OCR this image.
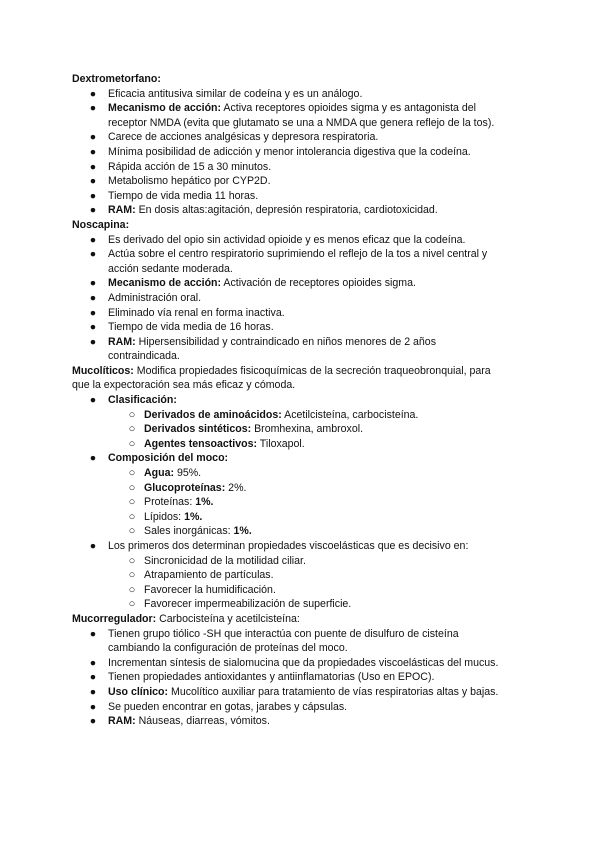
Dextrometorfano:
● Eficacia antitusiva similar de codeína y es un análogo.
● Mecanismo de acción: Activa receptores opioides sigma y es antagonista del
receptor NMDA (evita que glutamato se una a NMDA que genera reflejo de la tos).
● Carece de acciones analgésicas y depresora respiratoria.
● Mínima posibilidad de adicción y menor intolerancia digestiva que la codeína.
● Rápida acción de 15 a 30 minutos.
● Metabolismo hepático por CYP2D.
● Tiempo de vida media 11 horas.
● RAM: En dosis altas:agitación, depresión respiratoria, cardiotoxicidad.
Noscapina:
● Es derivado del opio sin actividad opioide y es menos eficaz que la codeína.
● Actúa sobre el centro respiratorio suprimiendo el reflejo de la tos a nivel central y
acción sedante moderada.
● Mecanismo de acción: Activación de receptores opioides sigma.
● Administración oral.
● Eliminado vía renal en forma inactiva.
● Tiempo de vida media de 16 horas.
● RAM: Hipersensibilidad y contraindicado en niños menores de 2 años
contraindicada.
Mucolíticos: Modifica propiedades fisicoquímicas de la secreción traqueobronquial, para
que la expectoración sea más eficaz y cómoda.
● Clasificación:
○ Derivados de aminoácidos: Acetilcisteína, carbocisteína.
○ Derivados sintéticos: Bromhexina, ambroxol.
○ Agentes tensoactivos: Tiloxapol.
● Composición del moco:
○ Agua: 95%.
○ Glucoproteínas: 2%.
○ Proteínas: 1%.
○ Lípidos: 1%.
○ Sales inorgánicas: 1%.
● Los primeros dos determinan propiedades viscoelásticas que es decisivo en:
○ Sincronicidad de la motilidad ciliar.
○ Atrapamiento de partículas.
○ Favorecer la humidificación.
○ Favorecer impermeabilización de superficie.
Mucorregulador: Carbocisteína y acetilcisteína:
● Tienen grupo tiólico -SH que interactúa con puente de disulfuro de cisteína
cambiando la configuración de proteínas del moco.
● Incrementan síntesis de sialomucina que da propiedades viscoelásticas del mucus.
● Tienen propiedades antioxidantes y antiinflamatorias (Uso en EPOC).
● Uso clínico: Mucolítico auxiliar para tratamiento de vías respiratorias altas y bajas.
● Se pueden encontrar en gotas, jarabes y cápsulas.
● RAM: Náuseas, diarreas, vómitos.
